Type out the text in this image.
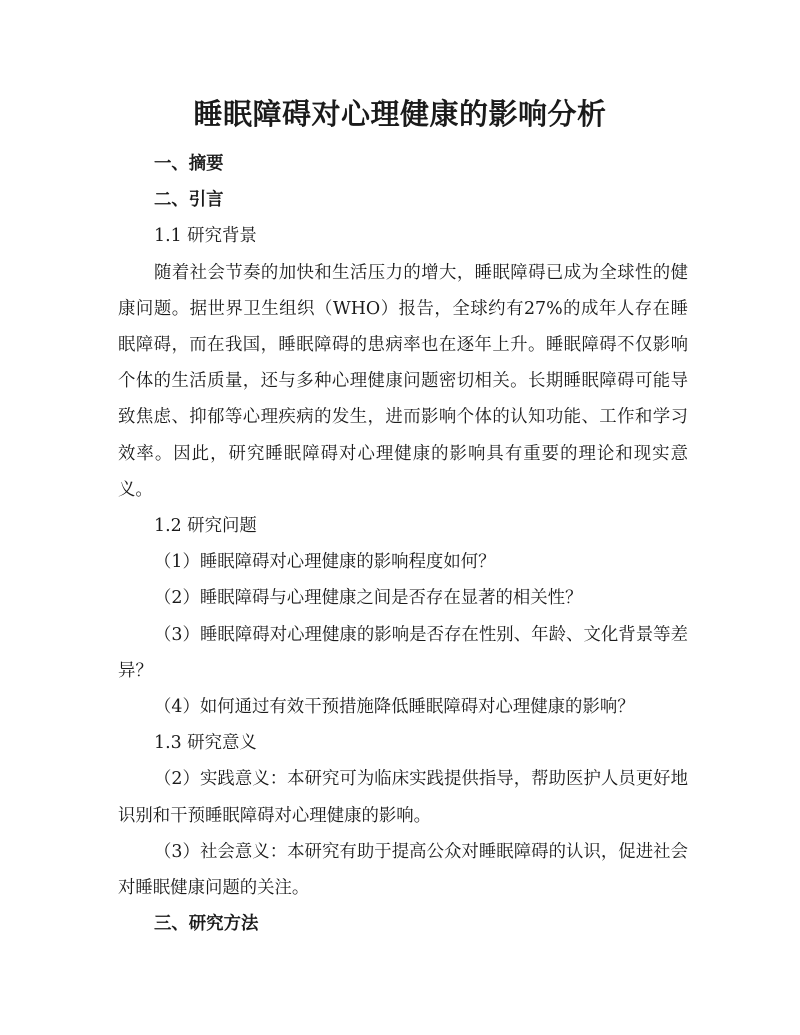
睡眠障碍对心理健康的影响分析

一、摘要

二、引言

1.1 研究背景

随着社会节奏的加快和生活压力的增大，睡眠障碍已成为全球性的健康问题。据世界卫生组织（WHO）报告，全球约有27%的成年人存在睡眠障碍，而在我国，睡眠障碍的患病率也在逐年上升。睡眠障碍不仅影响个体的生活质量，还与多种心理健康问题密切相关。长期睡眠障碍可能导致焦虑、抑郁等心理疾病的发生，进而影响个体的认知功能、工作和学习效率。因此，研究睡眠障碍对心理健康的影响具有重要的理论和现实意义。

1.2 研究问题

（1）睡眠障碍对心理健康的影响程度如何？

（2）睡眠障碍与心理健康之间是否存在显著的相关性？

（3）睡眠障碍对心理健康的影响是否存在性别、年龄、文化背景等差异？

（4）如何通过有效干预措施降低睡眠障碍对心理健康的影响？

1.3 研究意义

（2）实践意义：本研究可为临床实践提供指导，帮助医护人员更好地识别和干预睡眠障碍对心理健康的影响。

（3）社会意义：本研究有助于提高公众对睡眠障碍的认识，促进社会对睡眠健康问题的关注。

三、研究方法
